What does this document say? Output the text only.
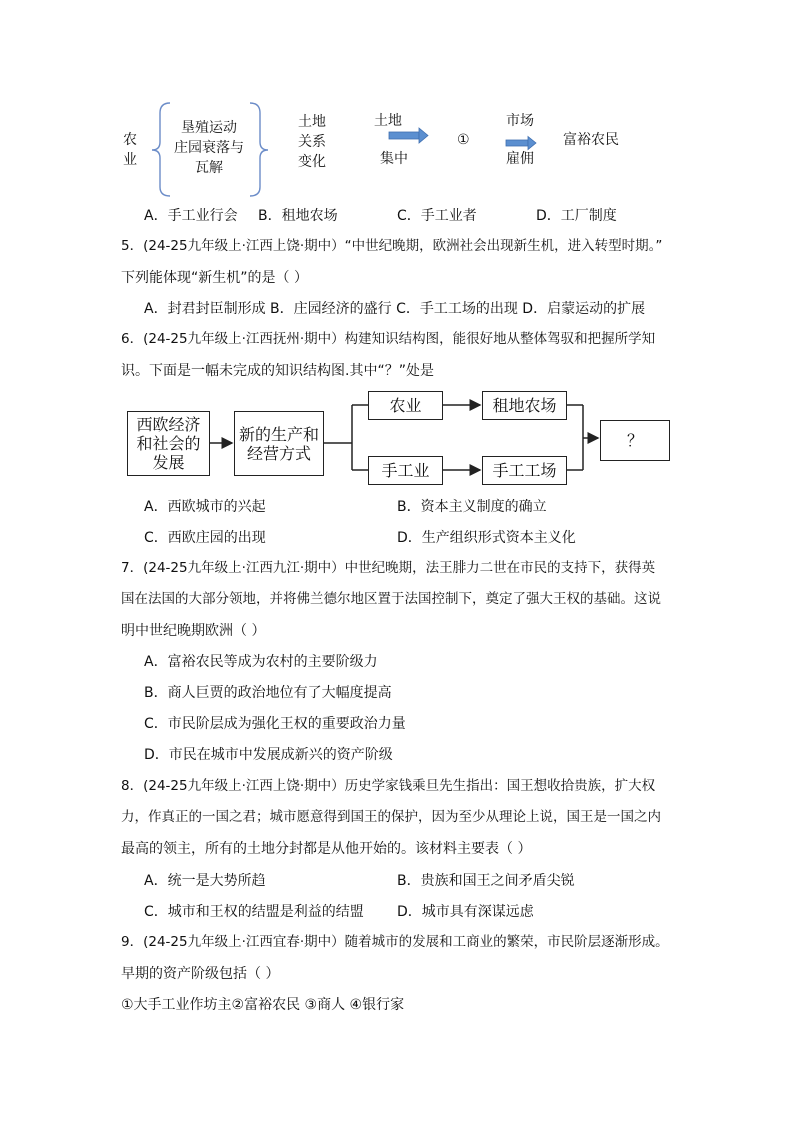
农
业
垦殖运动
庄园衰落与
瓦解
土地
关系
变化
土地
集中
①
市场
雇佣
富裕农民
A．手工业行会 B．租地农场	C．手工业者	D．工厂制度
5．(24-25九年级上·江西上饶·期中）“中世纪晚期，欧洲社会出现新生机，进入转型时期。”
下列能体现“新生机”的是（ ）
A．封君封臣制形成 B．庄园经济的盛行 C．手工工场的出现 D．启蒙运动的扩展
6．(24-25九年级上·江西抚州·期中）构建知识结构图，能很好地从整体驾驭和把握所学知
识。下面是一幅未完成的知识结构图.其中“？”处是
西欧经济
和社会的
发展
新的生产和
经营方式
农业	租地农场
手工业	手工工场
？
A．西欧城市的兴起	B．资本主义制度的确立
C．西欧庄园的出现	D．生产组织形式资本主义化
7．(24-25九年级上·江西九江·期中）中世纪晚期，法王腓力二世在市民的支持下，获得英
国在法国的大部分领地，并将佛兰德尔地区置于法国控制下，奠定了强大王权的基础。这说
明中世纪晚期欧洲（ ）
A．富裕农民等成为农村的主要阶级力
B．商人巨贾的政治地位有了大幅度提高
C．市民阶层成为强化王权的重要政治力量
D．市民在城市中发展成新兴的资产阶级
8．(24-25九年级上·江西上饶·期中）历史学家钱乘旦先生指出：国王想收拾贵族，扩大权
力，作真正的一国之君；城市愿意得到国王的保护，因为至少从理论上说，国王是一国之内
最高的领主，所有的土地分封都是从他开始的。该材料主要表（ ）
A．统一是大势所趋	B．贵族和国王之间矛盾尖锐
C．城市和王权的结盟是利益的结盟 D．城市具有深谋远虑
9．(24-25九年级上·江西宜春·期中）随着城市的发展和工商业的繁荣，市民阶层逐渐形成。
早期的资产阶级包括（ ）
①大手工业作坊主②富裕农民 ③商人 ④银行家
